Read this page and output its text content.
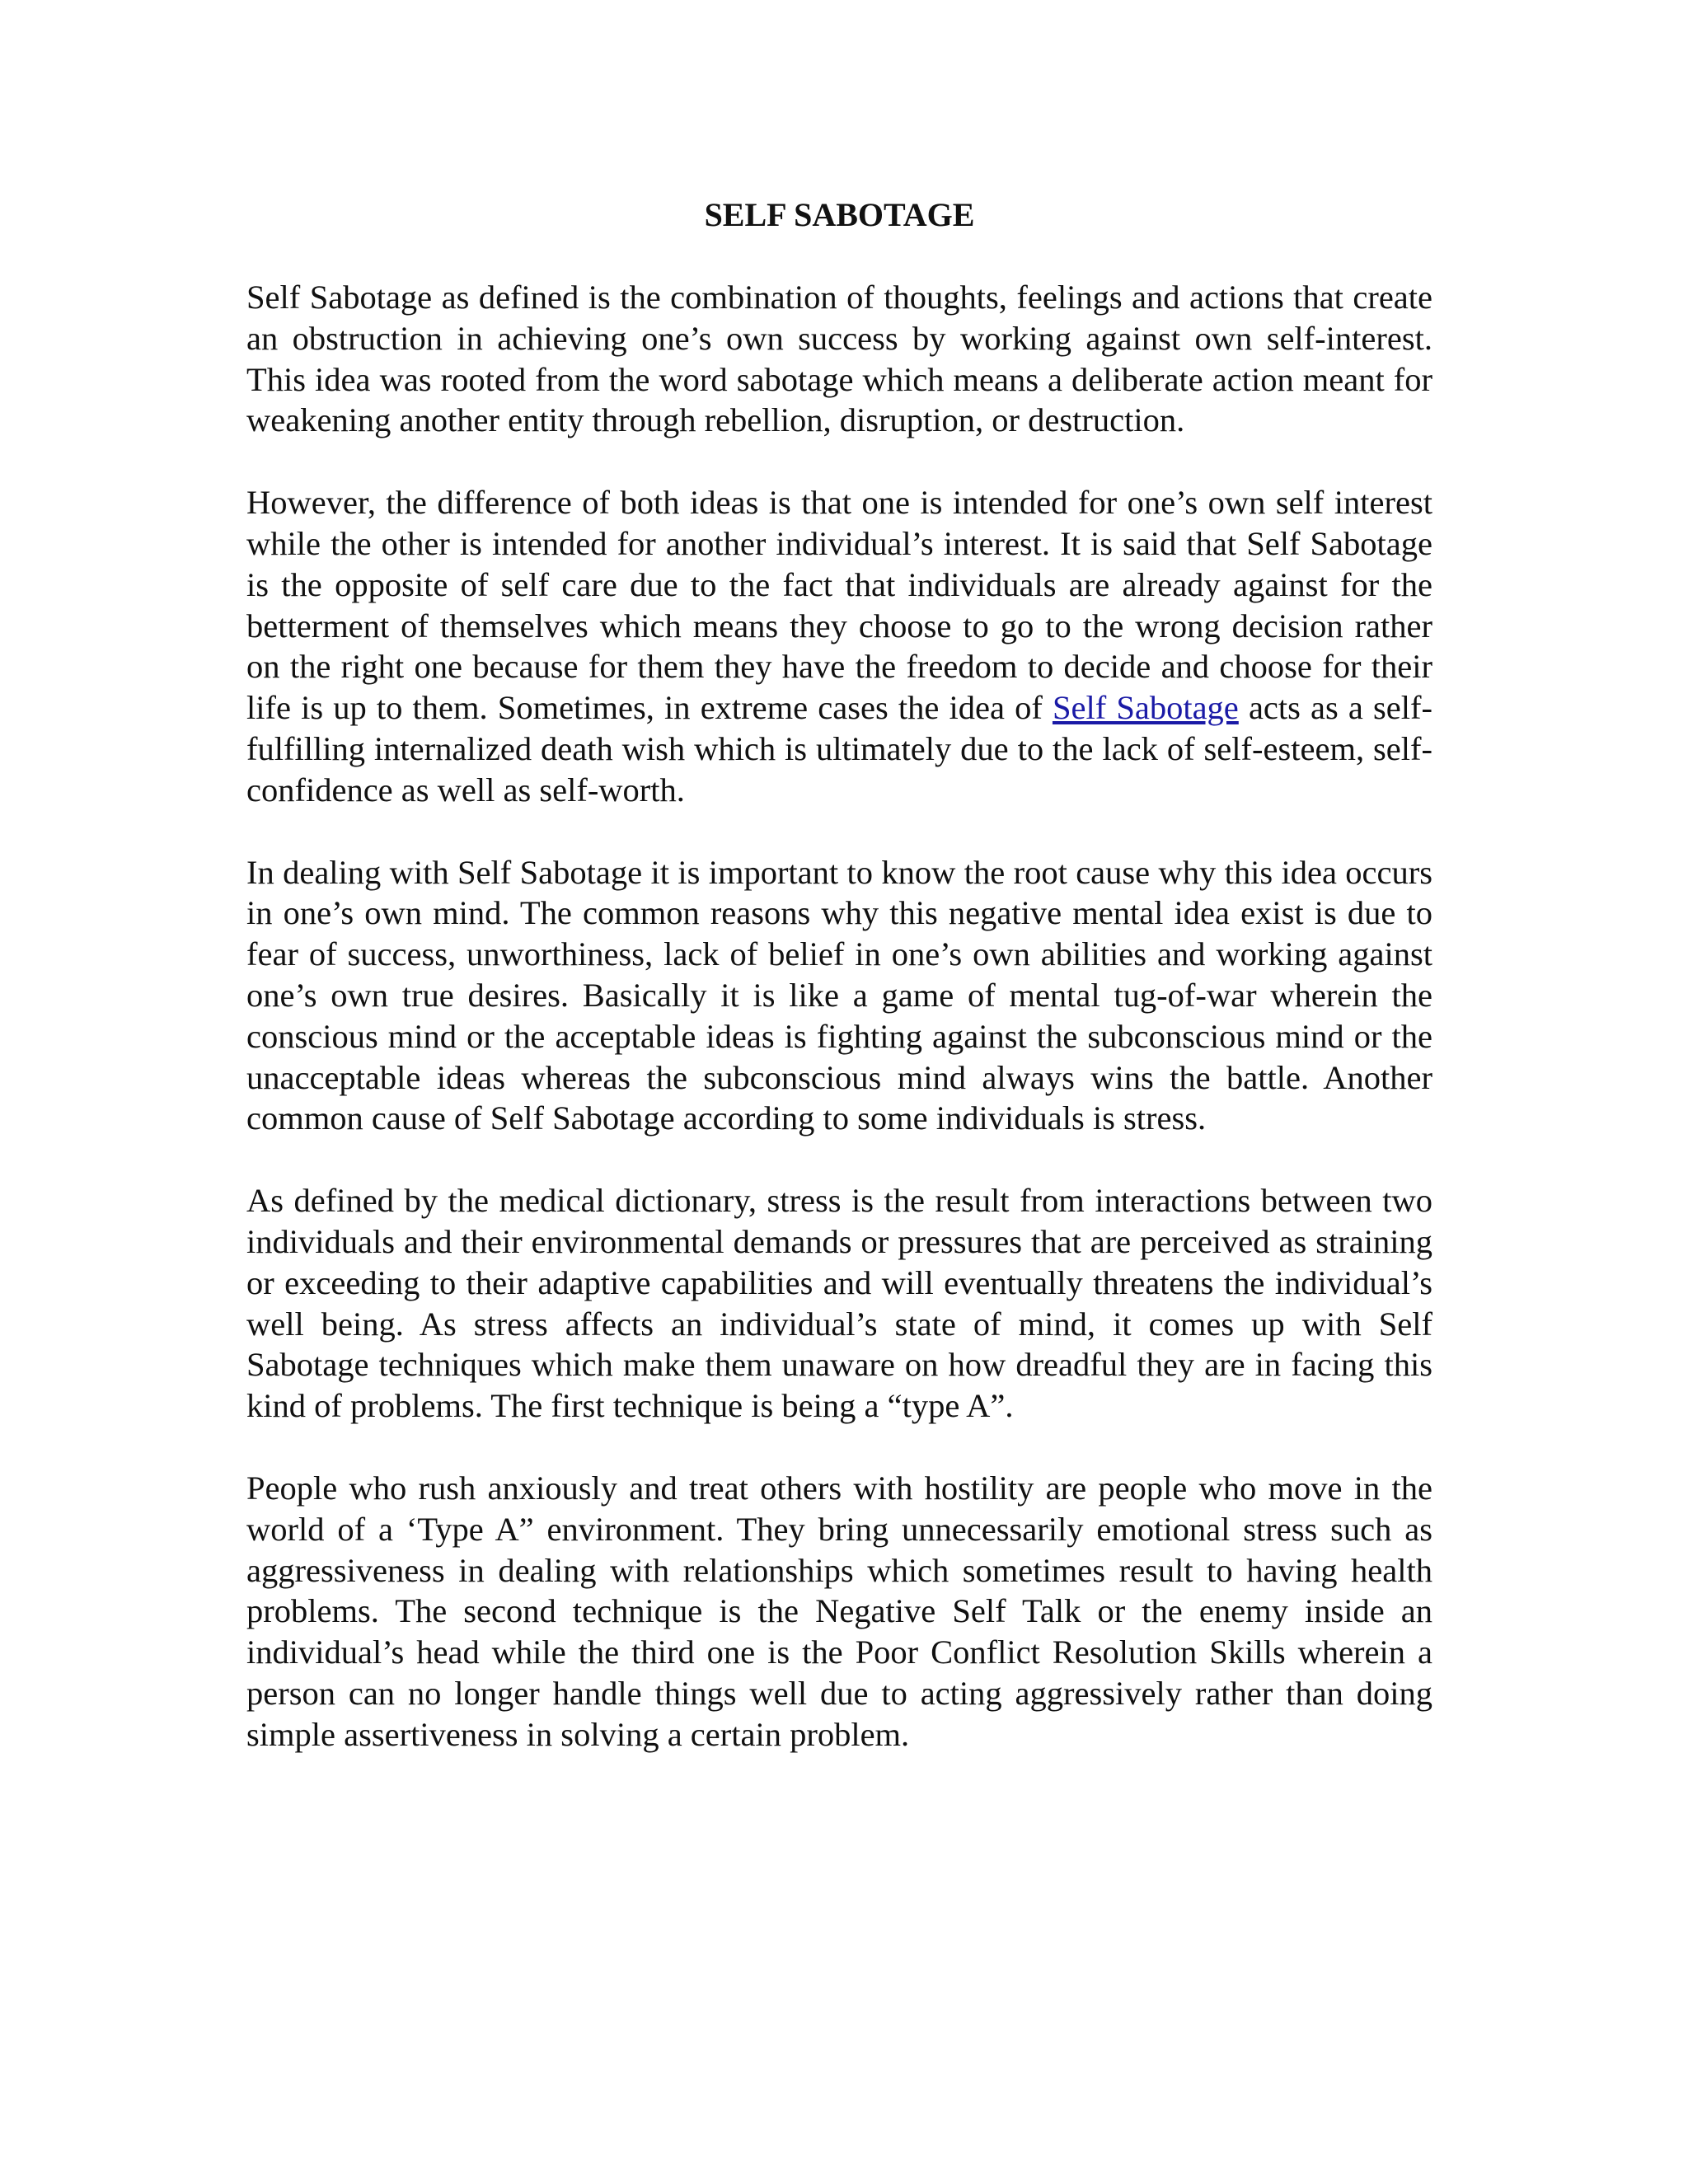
SELF SABOTAGE

Self Sabotage as defined is the combination of thoughts, feelings and actions that create an obstruction in achieving one’s own success by working against own self-interest. This idea was rooted from the word sabotage which means a deliberate action meant for weakening another entity through rebellion, disruption, or destruction.

However, the difference of both ideas is that one is intended for one’s own self interest while the other is intended for another individual’s interest. It is said that Self Sabotage is the opposite of self care due to the fact that individuals are already against for the betterment of themselves which means they choose to go to the wrong decision rather on the right one because for them they have the freedom to decide and choose for their life is up to them. Sometimes, in extreme cases the idea of Self Sabotage acts as a self-fulfilling internalized death wish which is ultimately due to the lack of self-esteem, self-confidence as well as self-worth.

In dealing with Self Sabotage it is important to know the root cause why this idea occurs in one’s own mind. The common reasons why this negative mental idea exist is due to fear of success, unworthiness, lack of belief in one’s own abilities and working against one’s own true desires. Basically it is like a game of mental tug-of-war wherein the conscious mind or the acceptable ideas is fighting against the subconscious mind or the unacceptable ideas whereas the subconscious mind always wins the battle. Another common cause of Self Sabotage according to some individuals is stress.

As defined by the medical dictionary, stress is the result from interactions between two individuals and their environmental demands or pressures that are perceived as straining or exceeding to their adaptive capabilities and will eventually threatens the individual’s well being. As stress affects an individual’s state of mind, it comes up with Self Sabotage techniques which make them unaware on how dreadful they are in facing this kind of problems. The first technique is being a “type A”.

People who rush anxiously and treat others with hostility are people who move in the world of a ‘Type A” environment. They bring unnecessarily emotional stress such as aggressiveness in dealing with relationships which sometimes result to having health problems. The second technique is the Negative Self Talk or the enemy inside an individual’s head while the third one is the Poor Conflict Resolution Skills wherein a person can no longer handle things well due to acting aggressively rather than doing simple assertiveness in solving a certain problem.
